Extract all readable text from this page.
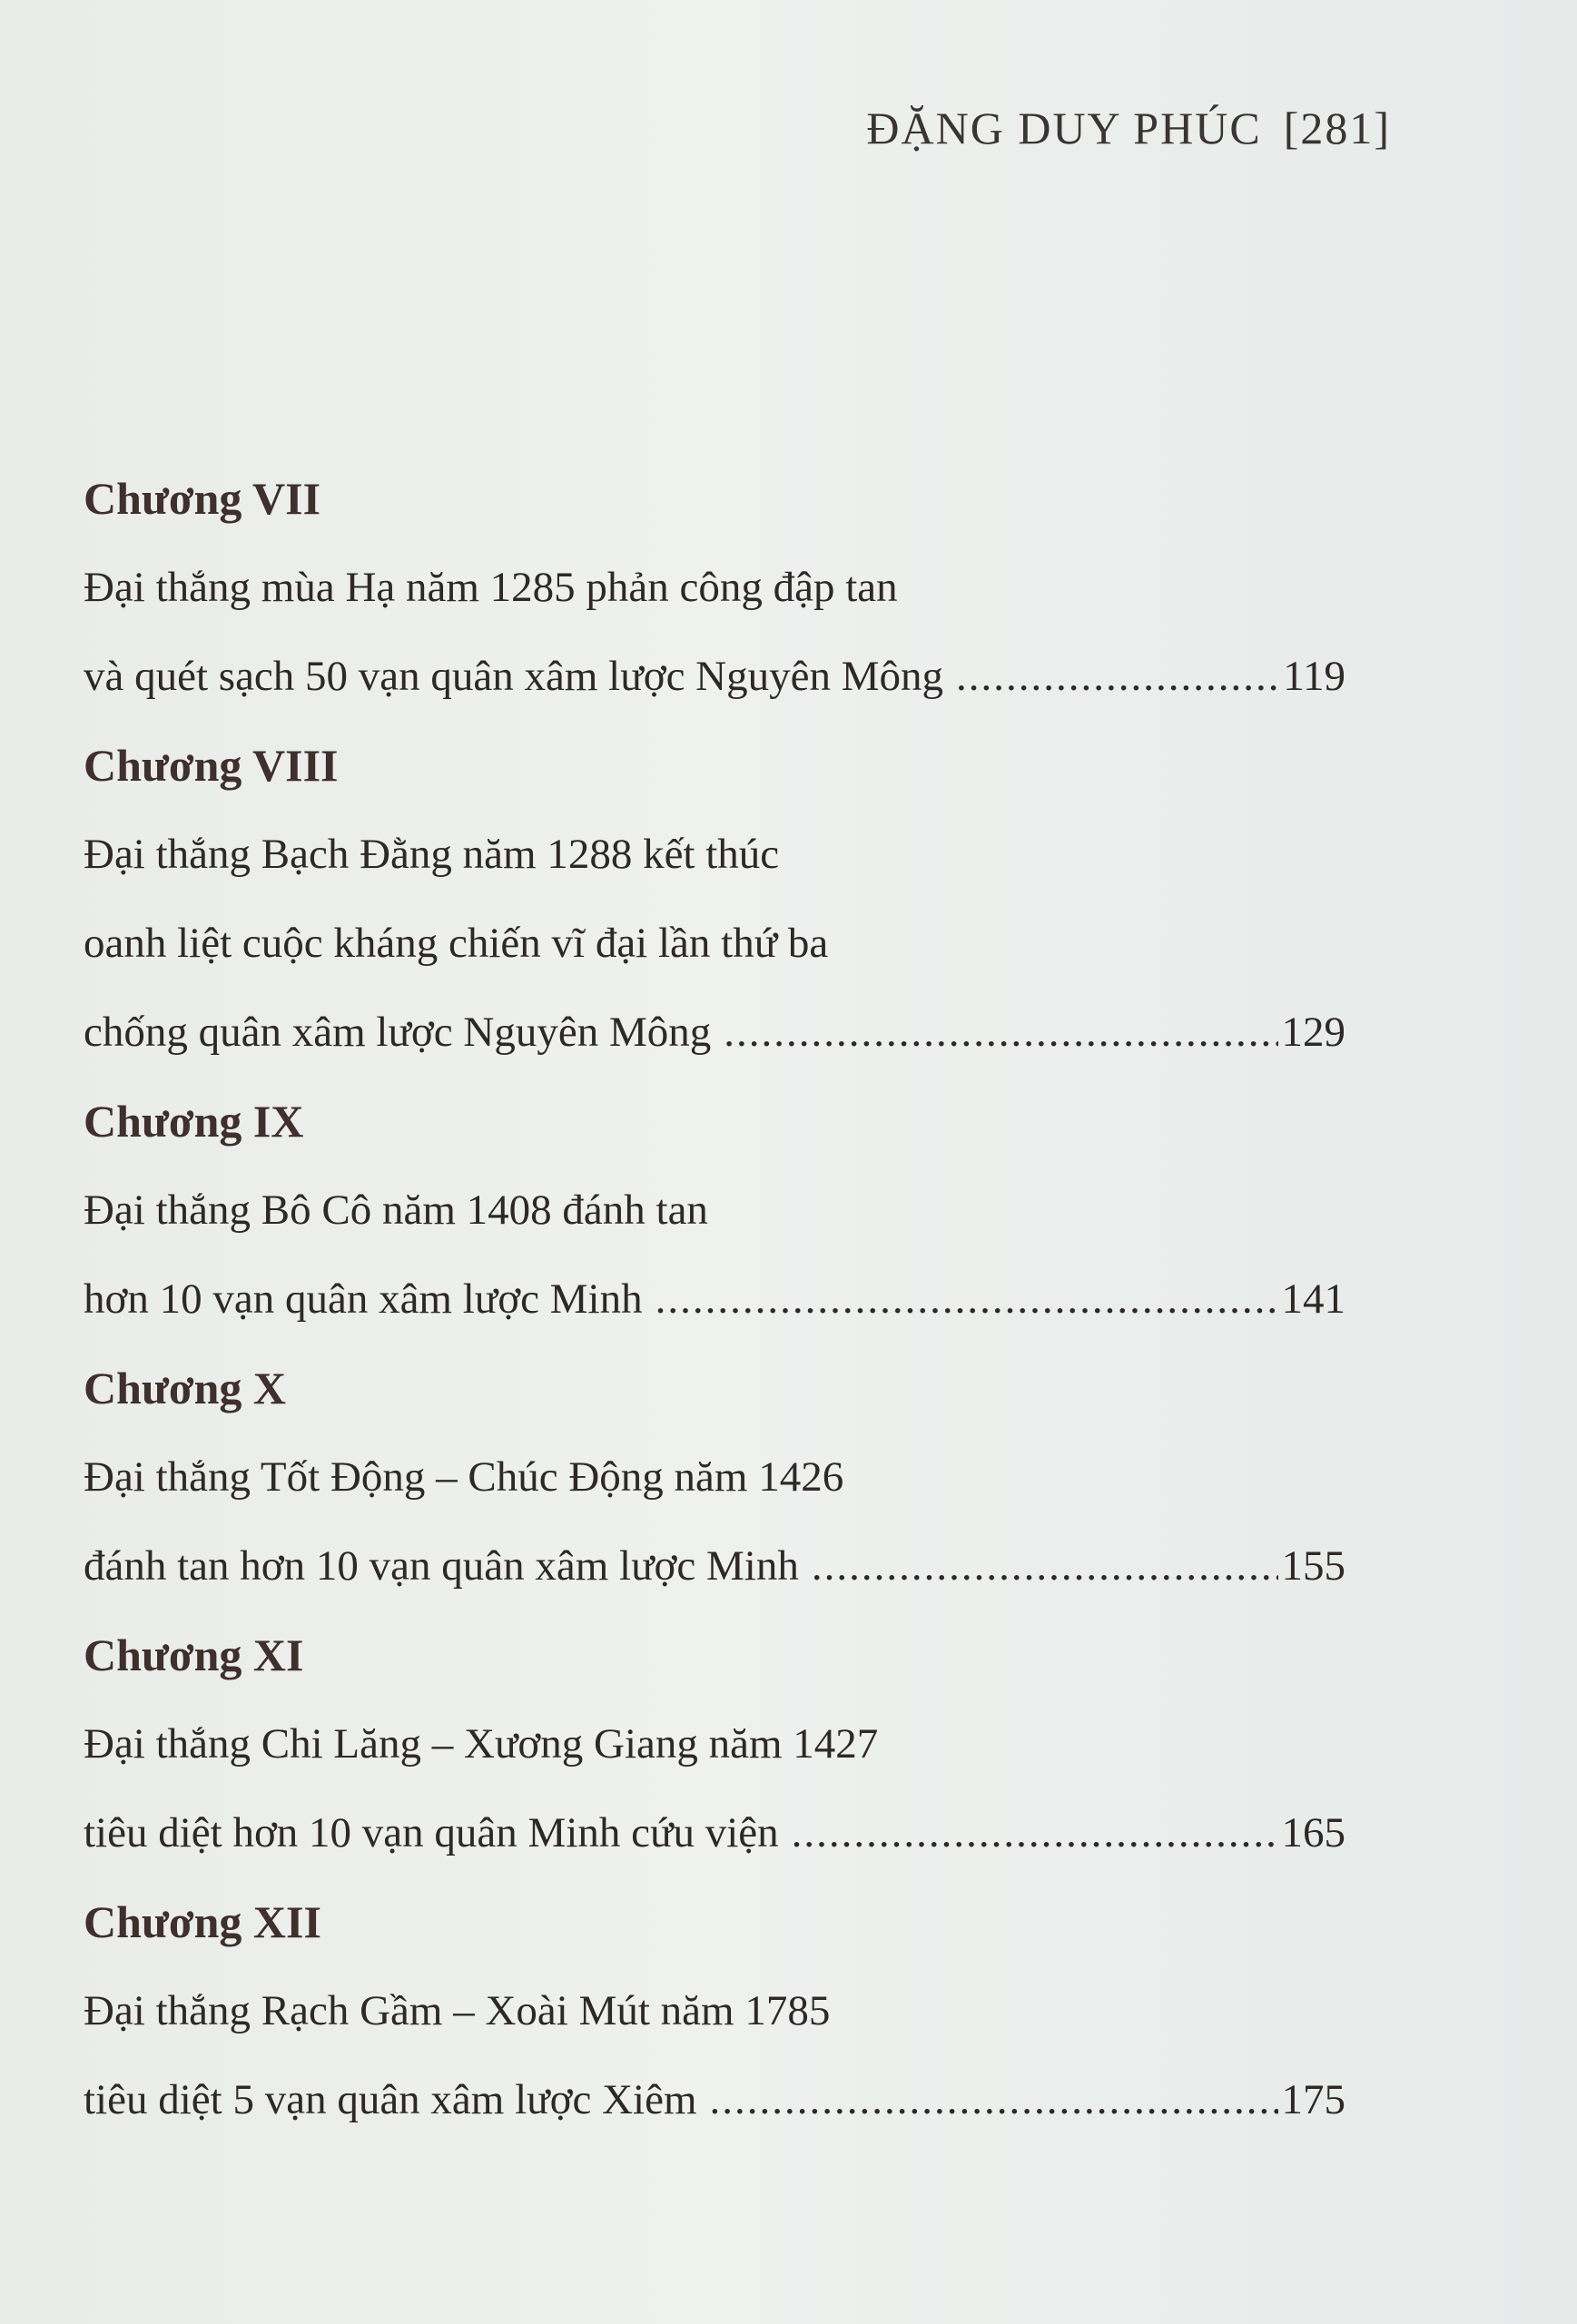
ĐẶNG DUY PHÚC [281]
Chương VII
Đại thắng mùa Hạ năm 1285 phản công đập tan
và quét sạch 50 vạn quân xâm lược Nguyên Mông .....	119
Chương VIII
Đại thắng Bạch Đằng năm 1288 kết thúc
oanh liệt cuộc kháng chiến vĩ đại lần thứ ba
chống quân xâm lược Nguyên Mông .....	129
Chương IX
Đại thắng Bô Cô năm 1408 đánh tan
hơn 10 vạn quân xâm lược Minh .....	141
Chương X
Đại thắng Tốt Động – Chúc Động năm 1426
đánh tan hơn 10 vạn quân xâm lược Minh .....	155
Chương XI
Đại thắng Chi Lăng – Xương Giang năm 1427
tiêu diệt hơn 10 vạn quân Minh cứu viện .....	165
Chương XII
Đại thắng Rạch Gầm – Xoài Mút năm 1785
tiêu diệt 5 vạn quân xâm lược Xiêm .....	175
